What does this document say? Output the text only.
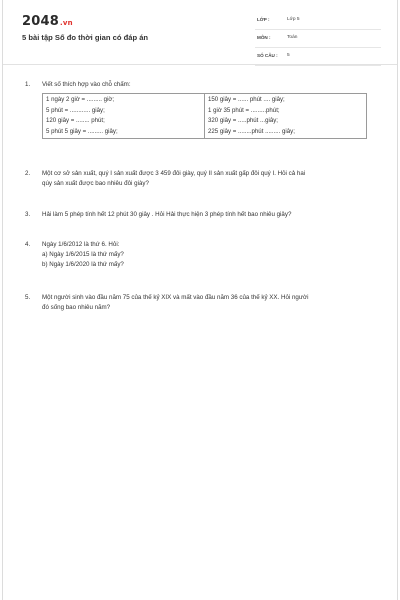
2048.vn
5 bài tập Số đo thời gian có đáp án
LỚP :	Lớp 5
MÔN :	Toán
SỐ CÂU : 5
1. Viết số thích hợp vào chỗ chấm:
1 ngày 2 giờ = ......... giờ;
5 phút = ............ giây;
120 giây = ........ phút;
5 phút 5 giây = ......... giây;

150 giây = ...... phút .... giây;
1 giờ 35 phút = .........phút;
320 giây = .....phút ...giây;
225 giây = ........phút ......... giây;
2. Một cơ sở sản xuất, quý I sản xuất được 3 459 đôi giày, quý II sản xuất gấp đôi quý I. Hỏi cả hai
qúy sản xuất được bao nhiêu đôi giày?
3. Hải làm 5 phép tính hết 12 phút 30 giây . Hỏi Hải thực hiện 3 phép tính hết bao nhiêu giây?
4. Ngày 1/6/2012 là thứ 6. Hỏi:
a) Ngày 1/6/2015 là thứ mấy?
b) Ngày 1/6/2020 là thứ mấy?
5. Một người sinh vào đầu năm 75 của thế kỷ XIX và mất vào đầu năm 36 của thế kỷ XX. Hỏi người
đó sống bao nhiêu năm?
